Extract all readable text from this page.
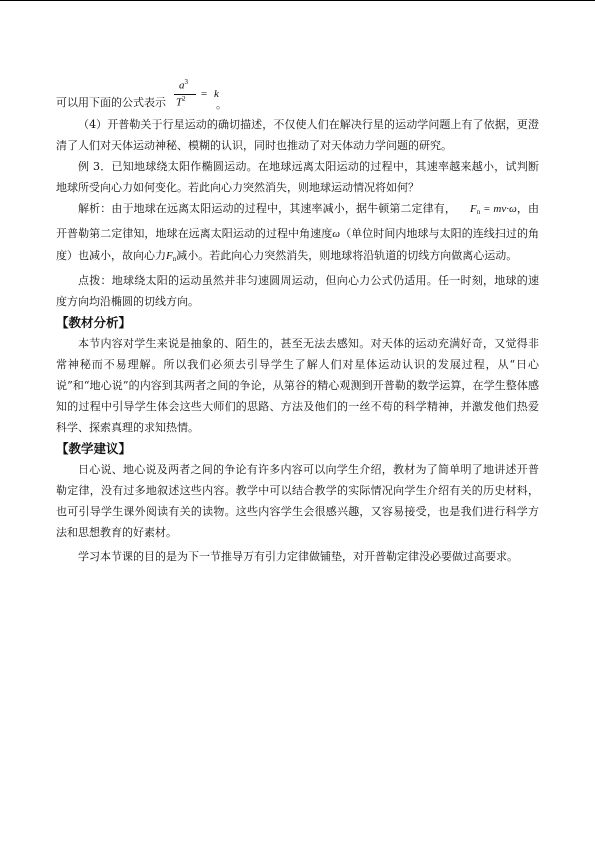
可以用下面的公式表示
$a^3$
$T^2 = k$
。

（4）开普勒关于行星运动的确切描述，不仅使人们在解决行星的运动学问题上有了依据，更澄清了人们对天体运动神秘、模糊的认识，同时也推动了对天体动力学问题的研究。

例 3．已知地球绕太阳作椭圆运动。在地球远离太阳运动的过程中，其速率越来越小，试判断地球所受向心力如何变化。若此向心力突然消失，则地球运动情况将如何？

解析：由于地球在远离太阳运动的过程中，其速率减小，据牛顿第二定律有， $F_n = mv\cdot\omega$，由开普勒第二定律知，地球在远离太阳运动的过程中角速度ω（单位时间内地球与太阳的连线扫过的角度）也减小，故向心力$F_n$减小。若此向心力突然消失，则地球将沿轨道的切线方向做离心运动。

点拨：地球绕太阳的运动虽然并非匀速圆周运动，但向心力公式仍适用。任一时刻，地球的速度方向均沿椭圆的切线方向。

【教材分析】

本节内容对学生来说是抽象的、陌生的，甚至无法去感知。对天体的运动充满好奇，又觉得非常神秘而不易理解。所以我们必须去引导学生了解人们对星体运动认识的发展过程，从“日心说”和“地心说”的内容到其两者之间的争论，从第谷的精心观测到开普勒的数学运算，在学生整体感知的过程中引导学生体会这些大师们的思路、方法及他们的一丝不苟的科学精神，并激发他们热爱科学、探索真理的求知热情。

【教学建议】

日心说、地心说及两者之间的争论有许多内容可以向学生介绍，教材为了简单明了地讲述开普勒定律，没有过多地叙述这些内容。教学中可以结合教学的实际情况向学生介绍有关的历史材料，也可引导学生课外阅读有关的读物。这些内容学生会很感兴趣，又容易接受，也是我们进行科学方法和思想教育的好素材。

学习本节课的目的是为下一节推导万有引力定律做铺垫，对开普勒定律没必要做过高要求。
